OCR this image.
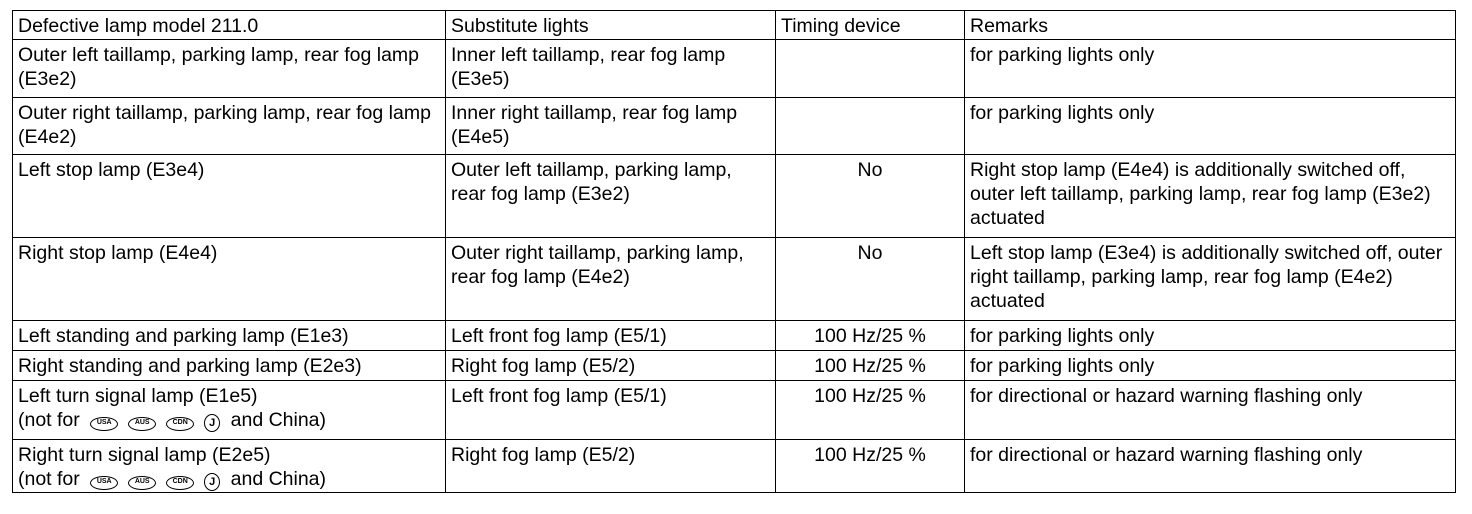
Defective lamp model 211.0	Substitute lights	Timing device	Remarks
Outer left taillamp, parking lamp, rear fog lamp (E3e2)	Inner left taillamp, rear fog lamp (E3e5)		for parking lights only
Outer right taillamp, parking lamp, rear fog lamp (E4e2)	Inner right taillamp, rear fog lamp (E4e5)		for parking lights only
Left stop lamp (E3e4)	Outer left taillamp, parking lamp, rear fog lamp (E3e2)	No	Right stop lamp (E4e4) is additionally switched off, outer left taillamp, parking lamp, rear fog lamp (E3e2) actuated
Right stop lamp (E4e4)	Outer right taillamp, parking lamp, rear fog lamp (E4e2)	No	Left stop lamp (E3e4) is additionally switched off, outer right taillamp, parking lamp, rear fog lamp (E4e2) actuated
Left standing and parking lamp (E1e3)	Left front fog lamp (E5/1)	100 Hz/25 %	for parking lights only
Right standing and parking lamp (E2e3)	Right fog lamp (E5/2)	100 Hz/25 %	for parking lights only
Left turn signal lamp (E1e5)
(not for USA AUS CDN J and China)	Left front fog lamp (E5/1)	100 Hz/25 %	for directional or hazard warning flashing only
Right turn signal lamp (E2e5)
(not for USA AUS CDN J and China)	Right fog lamp (E5/2)	100 Hz/25 %	for directional or hazard warning flashing only
